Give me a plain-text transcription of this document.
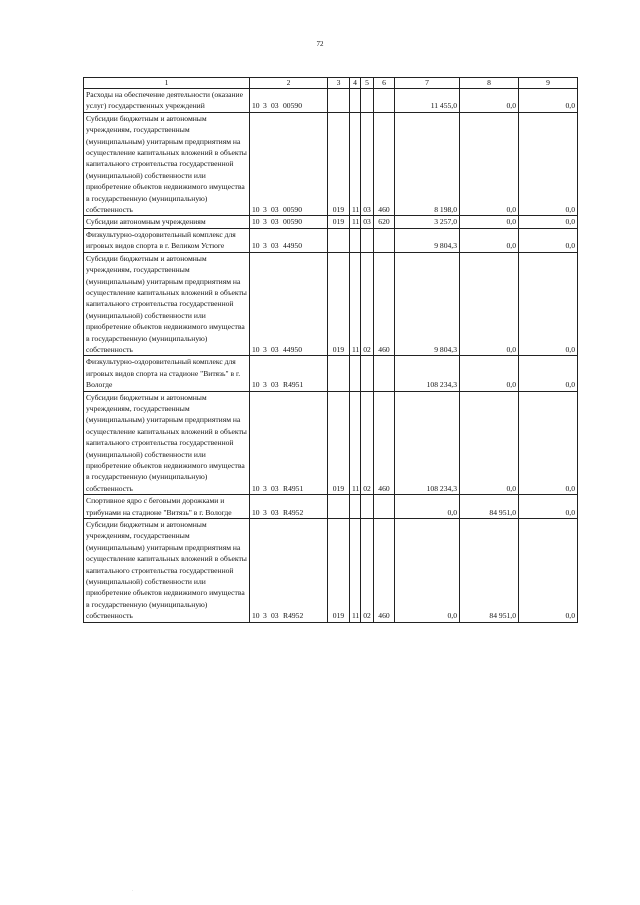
72
1	2	3	4	5	6	7	8	9
Расходы на обеспечение деятельности (оказание услуг) государственных учреждений	10 3 03 00590					11 455,0	0,0	0,0
Субсидии бюджетным и автономным учреждениям, государственным (муниципальным) унитарным предприятиям на осуществление капитальных вложений в объекты капитального строительства государственной (муниципальной) собственности или приобретение объектов недвижимого имущества в государственную (муниципальную) собственность	10 3 03 00590	019	11	03	460	8 198,0	0,0	0,0
Субсидии автономным учреждениям	10 3 03 00590	019	11	03	620	3 257,0	0,0	0,0
Физкультурно-оздоровительный комплекс для игровых видов спорта в г. Великом Устюге	10 3 03 44950					9 804,3	0,0	0,0
Субсидии бюджетным и автономным учреждениям, государственным (муниципальным) унитарным предприятиям на осуществление капитальных вложений в объекты капитального строительства государственной (муниципальной) собственности или приобретение объектов недвижимого имущества в государственную (муниципальную) собственность	10 3 03 44950	019	11	02	460	9 804,3	0,0	0,0
Физкультурно-оздоровительный комплекс для игровых видов спорта на стадионе "Витязь" в г. Вологде	10 3 03 R4951					108 234,3	0,0	0,0
Субсидии бюджетным и автономным учреждениям, государственным (муниципальным) унитарным предприятиям на осуществление капитальных вложений в объекты капитального строительства государственной (муниципальной) собственности или приобретение объектов недвижимого имущества в государственную (муниципальную) собственность	10 3 03 R4951	019	11	02	460	108 234,3	0,0	0,0
Спортивное ядро с беговыми дорожками и трибунами на стадионе "Витязь" в г. Вологде	10 3 03 R4952					0,0	84 951,0	0,0
Субсидии бюджетным и автономным учреждениям, государственным (муниципальным) унитарным предприятиям на осуществление капитальных вложений в объекты капитального строительства государственной (муниципальной) собственности или приобретение объектов недвижимого имущества в государственную (муниципальную) собственность	10 3 03 R4952	019	11	02	460	0,0	84 951,0	0,0
.
